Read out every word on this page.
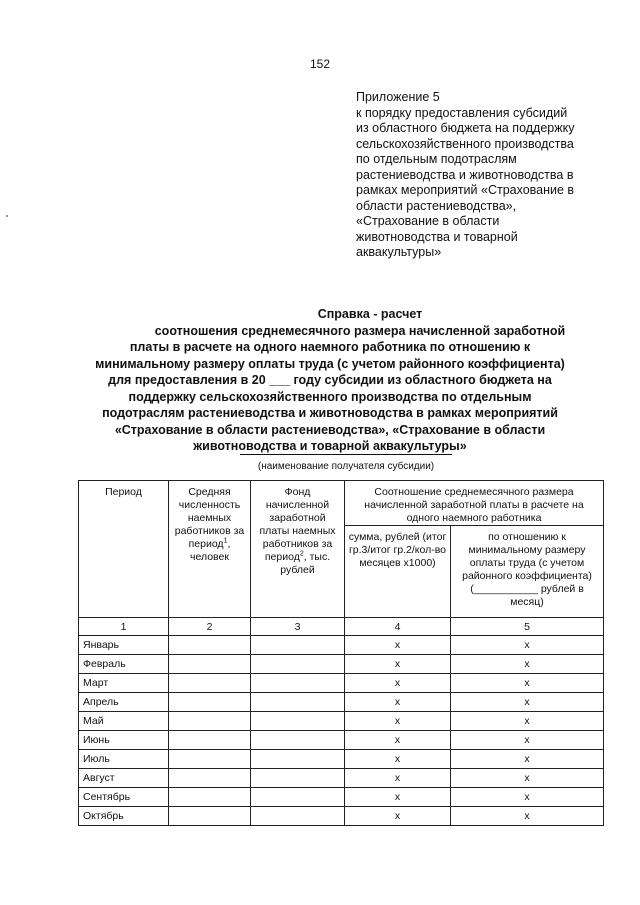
152
Приложение 5
к порядку предоставления субсидий
из областного бюджета на поддержку
сельскохозяйственного производства
по отдельным подотраслям
растениеводства и животноводства в
рамках мероприятий «Страхование в
области растениеводства»,
«Страхование в области
животноводства и товарной
аквакультуры»
Справка - расчет
соотношения среднемесячного размера начисленной заработной
платы в расчете на одного наемного работника по отношению к
минимальному размеру оплаты труда (с учетом районного коэффициента)
для предоставления в 20 ___ году субсидии из областного бюджета на
поддержку сельскохозяйственного производства по отдельным
подотраслям растениеводства и животноводства в рамках мероприятий
«Страхование в области растениеводства», «Страхование в области
животноводства и товарной аквакультуры»
(наименование получателя субсидии)
Период	Средняя численность наемных работников за период$^1$, человек	Фонд начисленной заработной платы наемных работников за период$^2$, тыс. рублей	Соотношение среднемесячного размера начисленной заработной платы в расчете на одного наемного работника	
			сумма, рублей (итог гр.3/итог гр.2/кол-во месяцев x1000)	по отношению к минимальному размеру оплаты труда (с учетом районного коэффициента) (___________ рублей в месяц)
1	2	3	4	5
Январь			x	x
Февраль			x	x
Март			x	x
Апрель			x	x
Май			x	x
Июнь			x	x
Июль			x	x
Август			x	x
Сентябрь			x	x
Октябрь			x	x
